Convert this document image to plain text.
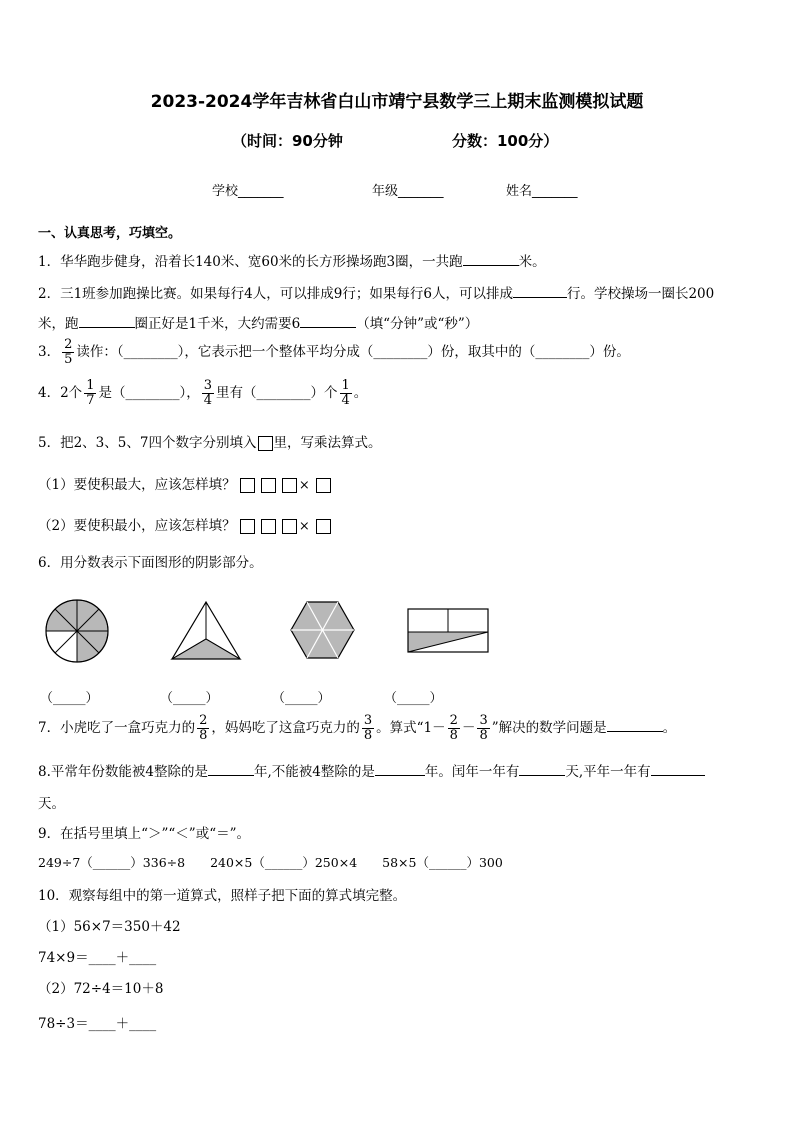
2023-2024学年吉林省白山市靖宁县数学三上期末监测模拟试题
（时间：90分钟	分数：100分）
学校_______	年级_______	姓名_______
一、认真思考，巧填空。
1．华华跑步健身，沿着长140米、宽60米的长方形操场跑3圈，一共跑	米。
2．三1班参加跑操比赛。如果每行4人，可以排成9行；如果每行6人，可以排成	行。学校操场一圈长200
米，跑	圈正好是1千米，大约需要6	（填“分钟”或“秒”）
3． $\frac{2}{5}$ 读作：（________），它表示把一个整体平均分成（________）份，取其中的（________）份。
4．2个 $\frac{1}{7}$ 是（________）， $\frac{3}{4}$ 里有（________）个 $\frac{1}{4}$ 。
5．把2、3、5、7四个数字分别填入 里，写乘法算式。
（1）要使积最大，应该怎样填？	×
（2）要使积最小，应该怎样填？	×
6．用分数表示下面图形的阴影部分。
（_____）	（_____）	（_____）	（_____）
7．小虎吃了一盒巧克力的 $\frac{2}{8}$ ，妈妈吃了这盒巧克力的 $\frac{3}{8}$ 。算式“$1- \frac{2}{8} - \frac{3}{8}$ ”解决的数学问题是	。
8.平常年份数能被4整除的是	年,不能被4整除的是	年。闰年一年有	天,平年一年有
天。
9．在括号里填上“＞”“＜”或“＝”。
249÷7（______）336÷8　　240×5（______）250×4　　58×5（______）300
10．观察每组中的第一道算式，照样子把下面的算式填完整。
（1）56×7＝350＋42
74×9＝____＋____
（2）72÷4＝10＋8
78÷3＝____＋____
